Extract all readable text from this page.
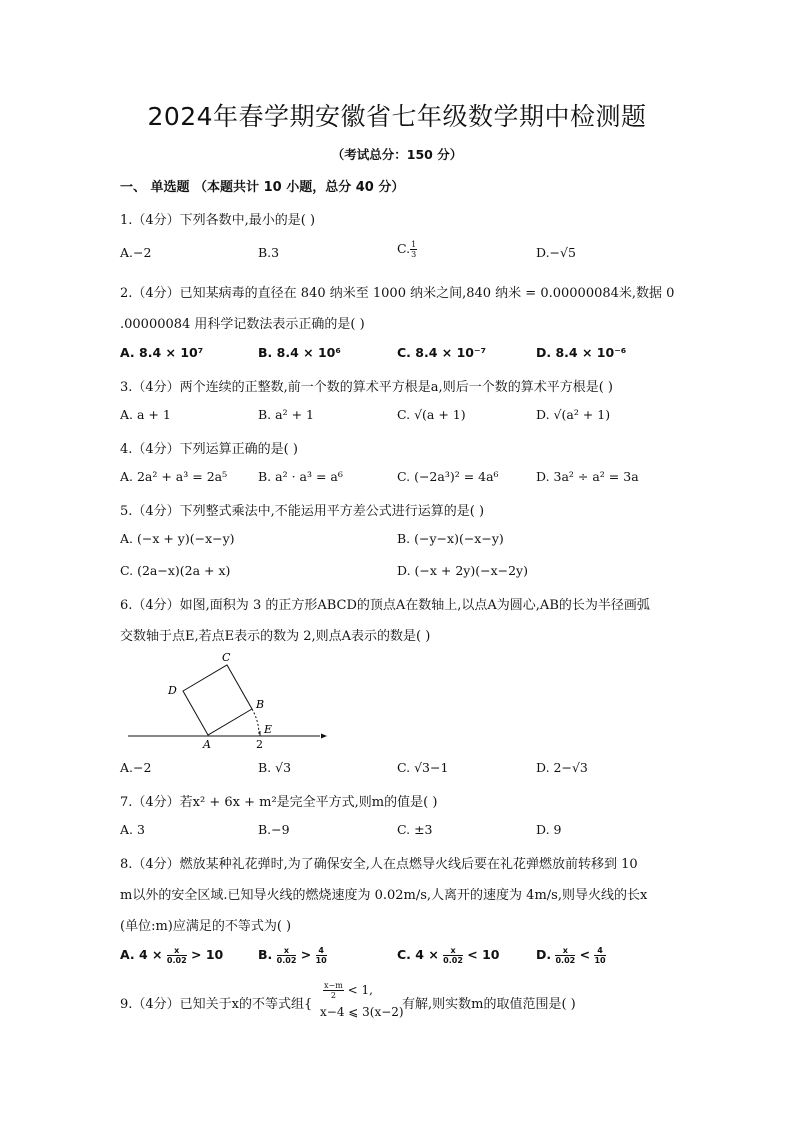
2024年春学期安徽省七年级数学期中检测题
（考试总分：150 分）
一、 单选题 （本题共计 10 小题，总分 40 分）
1.（4分）下列各数中,最小的是( )
A.−2	B.3	C. $\frac{1}{3}$	D.−√5
2.（4分）已知某病毒的直径在 840 纳米至 1000 纳米之间,840 纳米 = 0.00000084米,数据 0
.00000084 用科学记数法表示正确的是( )
A. 8.4 × 10⁷	B. 8.4 × 10⁶	C. 8.4 × 10⁻⁷	D. 8.4 × 10⁻⁶
3.（4分）两个连续的正整数,前一个数的算术平方根是a,则后一个数的算术平方根是( )
A. a + 1	B. a² + 1	C. √(a + 1)	D. √(a² + 1)
4.（4分）下列运算正确的是( )
A. 2a² + a³ = 2a⁵ B. a² · a³ = a⁶	C. (−2a³)² = 4a⁶	D. 3a² ÷ a² = 3a
5.（4分）下列整式乘法中,不能运用平方差公式进行运算的是( )
A. (−x + y)(−x−y)	B. (−y−x)(−x−y)
C. (2a−x)(2a + x)	D. (−x + 2y)(−x−2y)
6.（4分）如图,面积为 3 的正方形ABCD的顶点A在数轴上,以点A为圆心,AB的长为半径画弧
交数轴于点E,若点E表示的数为 2,则点A表示的数是( )
A
B
C
D
E
2
A.−2	B. √3	C. √3−1	D. 2−√3
7.（4分）若x² + 6x + m²是完全平方式,则m的值是( )
A. 3	B.−9	C. ±3	D. 9
8.（4分）燃放某种礼花弹时,为了确保安全,人在点燃导火线后要在礼花弹燃放前转移到 10
m以外的安全区域.已知导火线的燃烧速度为 0.02m/s,人离开的速度为 4m/s,则导火线的长x
(单位:m)应满足的不等式为( )
A. $4 \times \frac{x}{0.02} > 10$	B. $\frac{x}{0.02} > \frac{4}{10}$	C. $4 \times \frac{x}{0.02} < 10$	D. $\frac{x}{0.02} < \frac{4}{10}$
9.（4分）已知关于x的不等式组{
$\frac{x-m}{2} < 1$,
x−4 ⩽ 3(x−2)
有解,则实数m的取值范围是( )
